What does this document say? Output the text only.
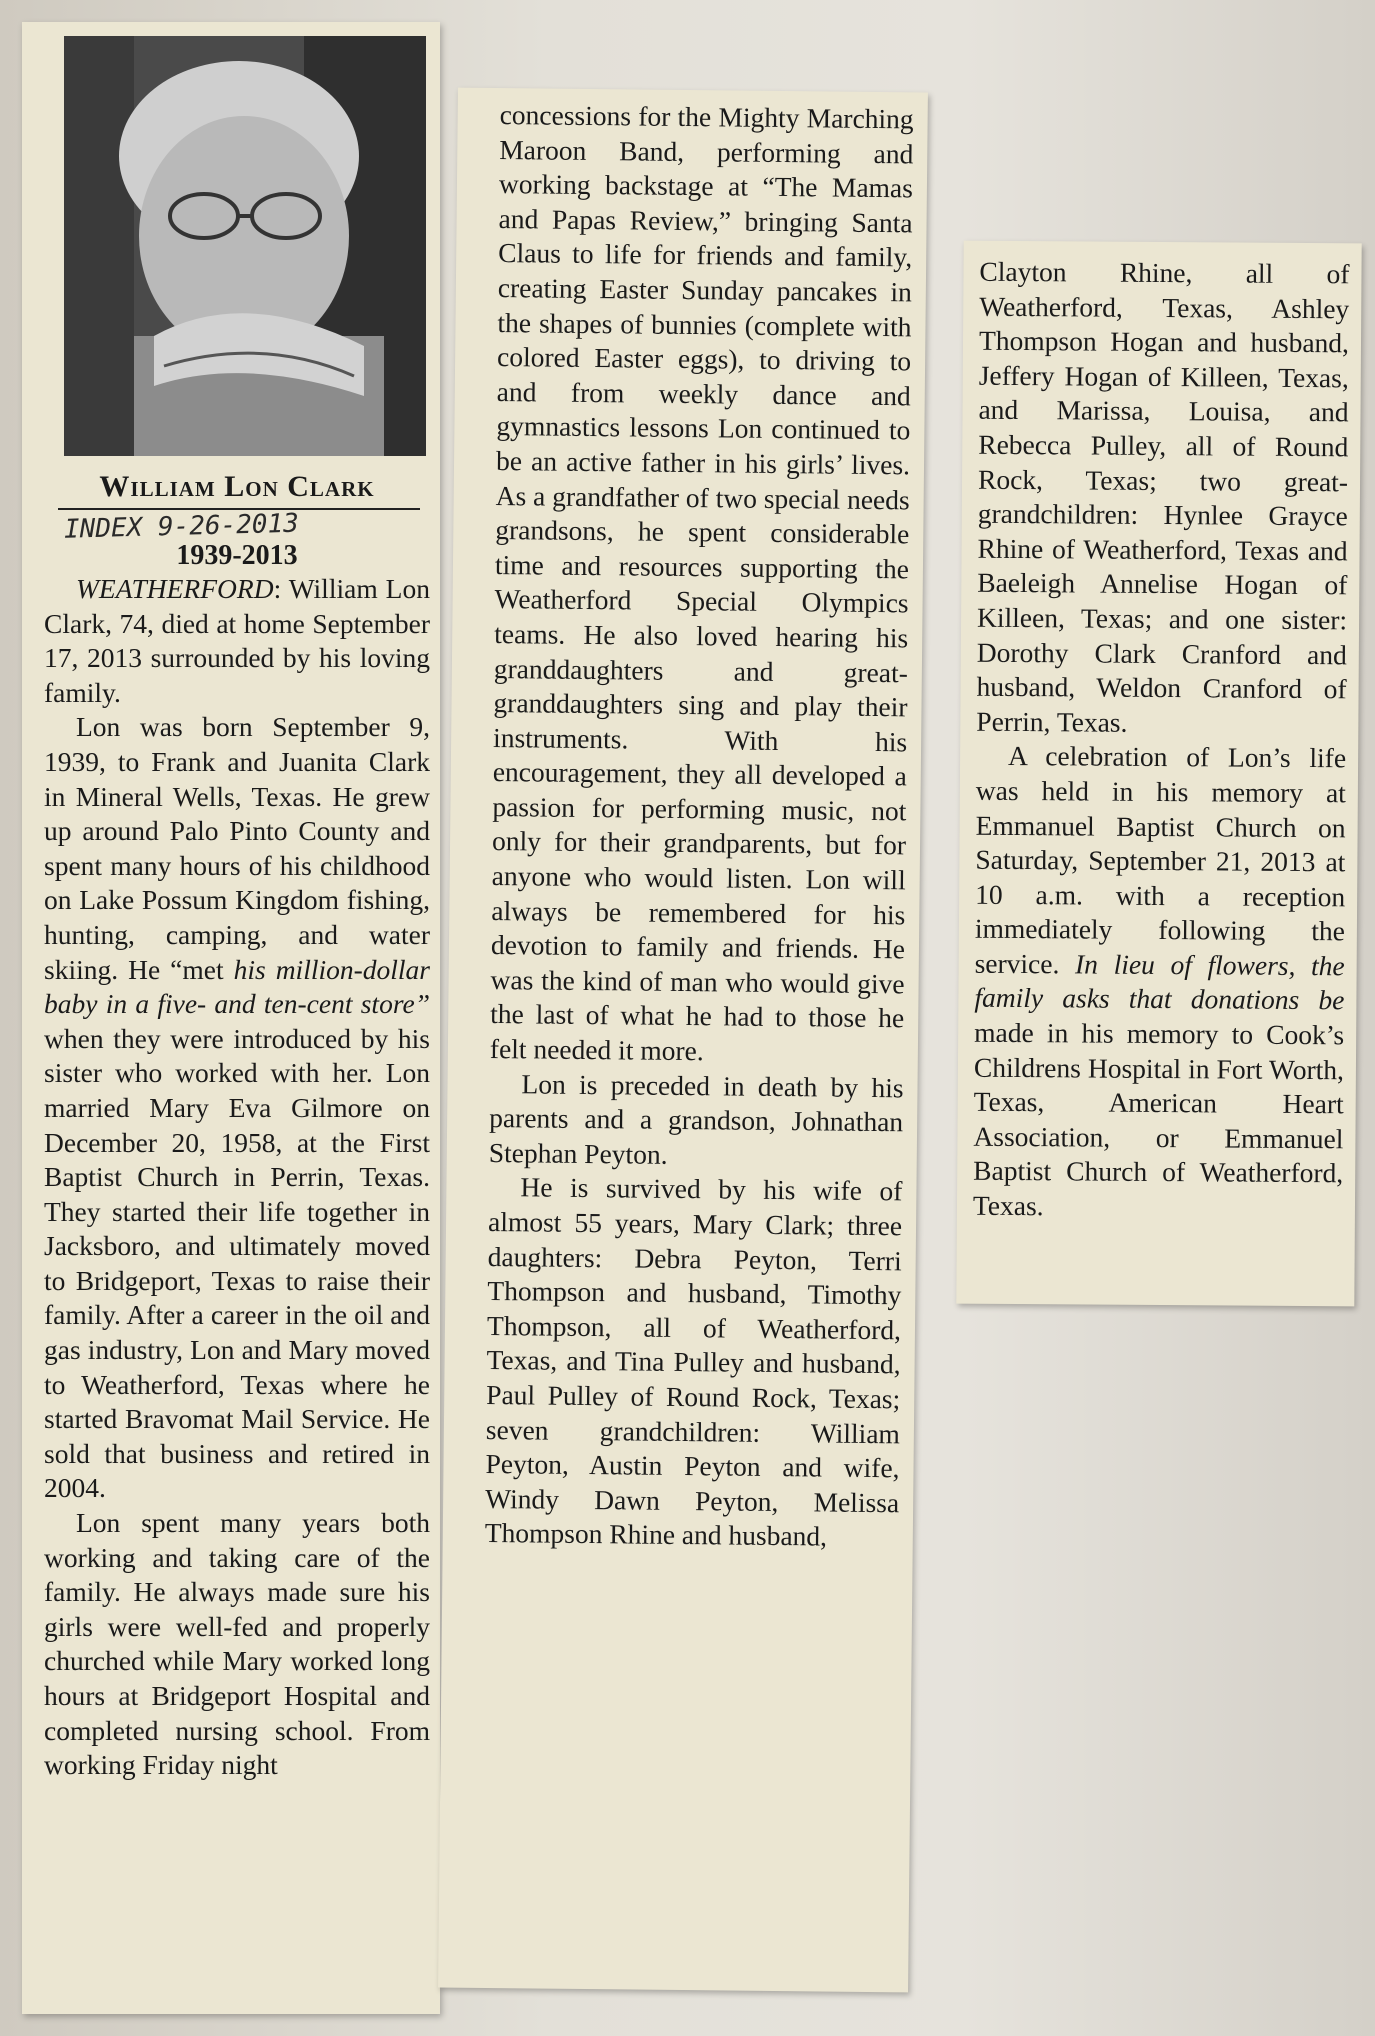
William Lon Clark
INDEX 9-26-2013
1939-2013

WEATHERFORD: William Lon Clark, 74, died at home September 17, 2013 surrounded by his loving family.

Lon was born September 9, 1939, to Frank and Juanita Clark in Mineral Wells, Texas. He grew up around Palo Pinto County and spent many hours of his childhood on Lake Possum Kingdom fishing, hunting, camping, and water skiing. He “met his million-dollar baby in a five- and ten-cent store” when they were introduced by his sister who worked with her. Lon married Mary Eva Gilmore on December 20, 1958, at the First Baptist Church in Perrin, Texas. They started their life together in Jacksboro, and ultimately moved to Bridgeport, Texas to raise their family. After a career in the oil and gas industry, Lon and Mary moved to Weatherford, Texas where he started Bravomat Mail Service. He sold that business and retired in 2004.

Lon spent many years both working and taking care of the family. He always made sure his girls were well-fed and properly churched while Mary worked long hours at Bridgeport Hospital and completed nursing school. From working Friday night

concessions for the Mighty Marching Maroon Band, performing and working backstage at “The Mamas and Papas Review,” bringing Santa Claus to life for friends and family, creating Easter Sunday pancakes in the shapes of bunnies (complete with colored Easter eggs), to driving to and from weekly dance and gymnastics lessons Lon continued to be an active father in his girls’ lives. As a grandfather of two special needs grandsons, he spent considerable time and resources supporting the Weatherford Special Olympics teams. He also loved hearing his granddaughters and great-granddaughters sing and play their instruments. With his encouragement, they all developed a passion for performing music, not only for their grandparents, but for anyone who would listen. Lon will always be remembered for his devotion to family and friends. He was the kind of man who would give the last of what he had to those he felt needed it more.

Lon is preceded in death by his parents and a grandson, Johnathan Stephan Peyton.

He is survived by his wife of almost 55 years, Mary Clark; three daughters: Debra Peyton, Terri Thompson and husband, Timothy Thompson, all of Weatherford, Texas, and Tina Pulley and husband, Paul Pulley of Round Rock, Texas; seven grandchildren: William Peyton, Austin Peyton and wife, Windy Dawn Peyton, Melissa Thompson Rhine and husband,

Clayton Rhine, all of Weatherford, Texas, Ashley Thompson Hogan and husband, Jeffery Hogan of Killeen, Texas, and Marissa, Louisa, and Rebecca Pulley, all of Round Rock, Texas; two great-grandchildren: Hynlee Grayce Rhine of Weatherford, Texas and Baeleigh Annelise Hogan of Killeen, Texas; and one sister: Dorothy Clark Cranford and husband, Weldon Cranford of Perrin, Texas.

A celebration of Lon’s life was held in his memory at Emmanuel Baptist Church on Saturday, September 21, 2013 at 10 a.m. with a reception immediately following the service. In lieu of flowers, the family asks that donations be made in his memory to Cook’s Childrens Hospital in Fort Worth, Texas, American Heart Association, or Emmanuel Baptist Church of Weatherford, Texas.
